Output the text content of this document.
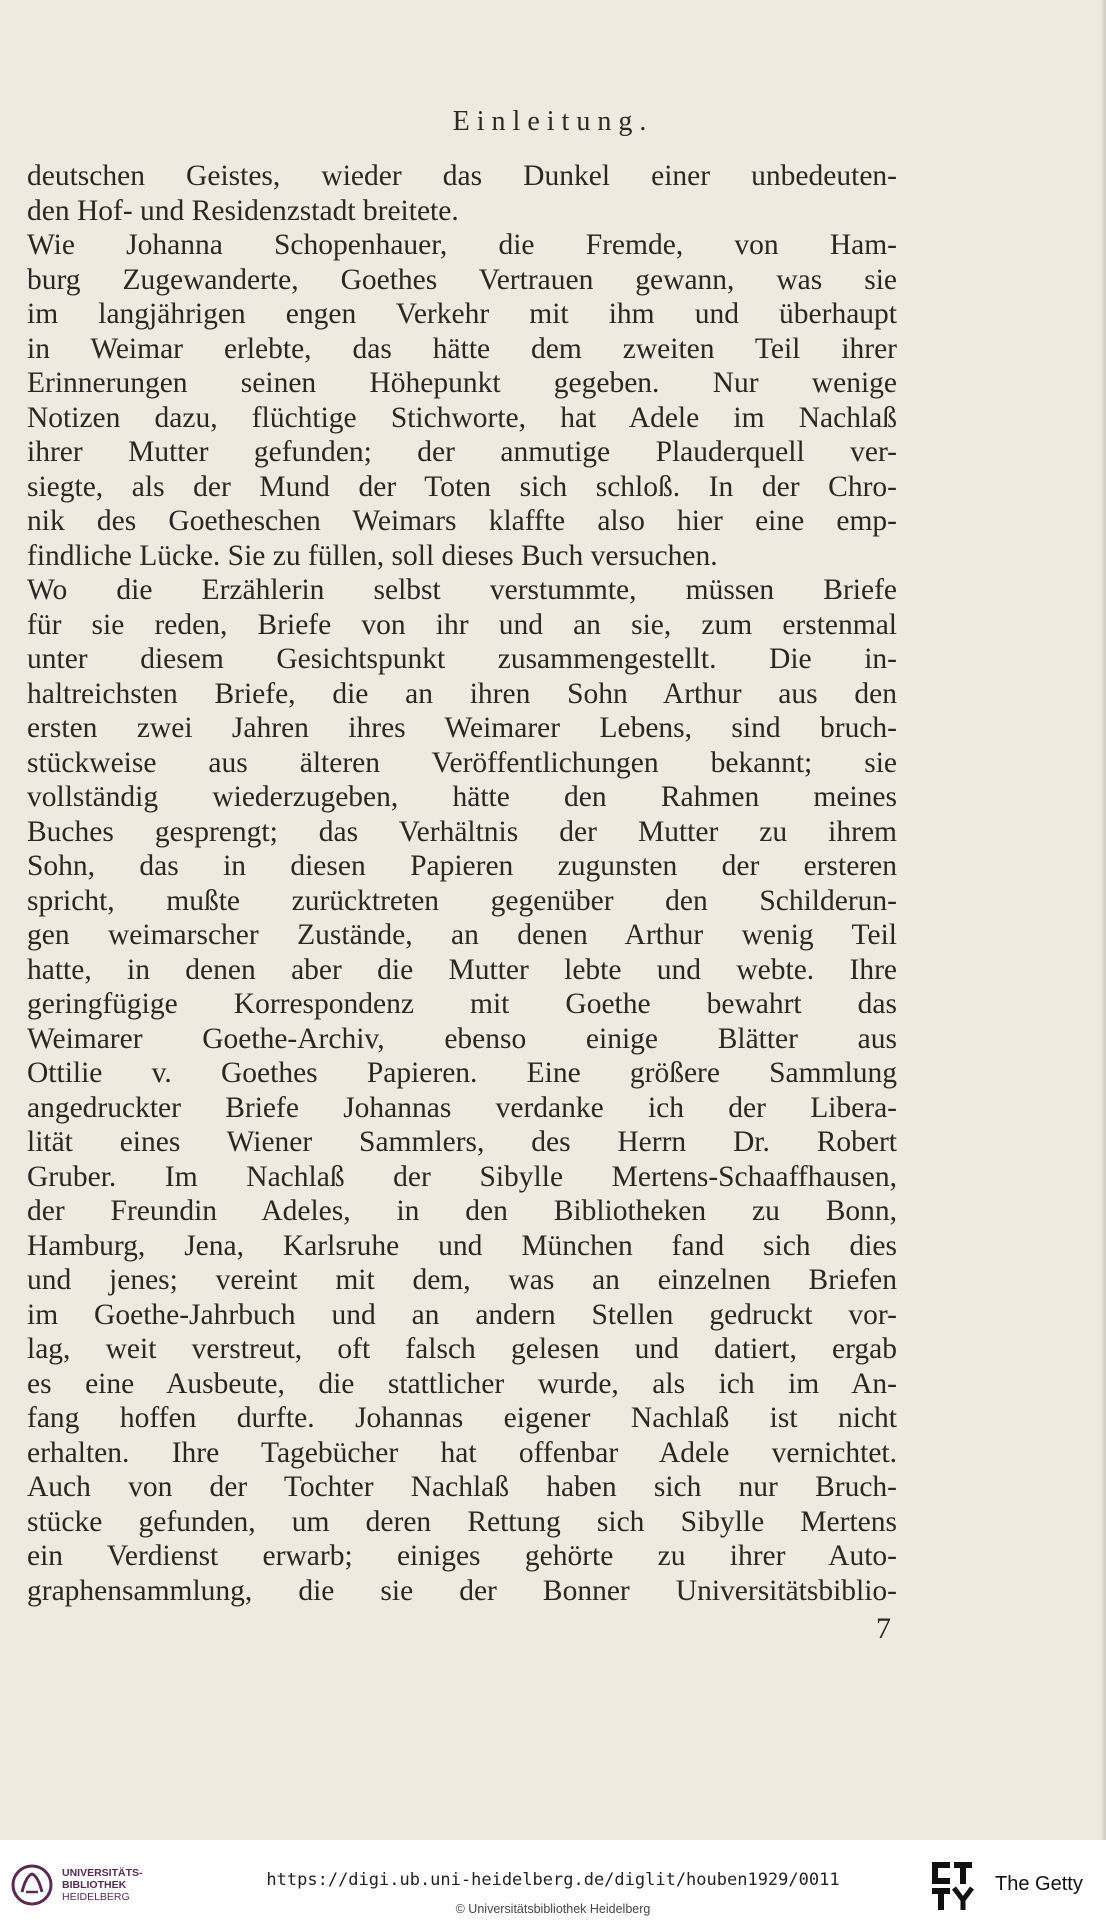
Einleitung.
deutschen Geistes, wieder das Dunkel einer unbedeuten-
den Hof- und Residenzstadt breitete.
Wie Johanna Schopenhauer, die Fremde, von Ham-
burg Zugewanderte, Goethes Vertrauen gewann, was sie
im langjährigen engen Verkehr mit ihm und überhaupt
in Weimar erlebte, das hätte dem zweiten Teil ihrer
Erinnerungen seinen Höhepunkt gegeben. Nur wenige
Notizen dazu, flüchtige Stichworte, hat Adele im Nachlaß
ihrer Mutter gefunden; der anmutige Plauderquell ver-
siegte, als der Mund der Toten sich schloß. In der Chro-
nik des Goetheschen Weimars klaffte also hier eine emp-
findliche Lücke. Sie zu füllen, soll dieses Buch versuchen.
Wo die Erzählerin selbst verstummte, müssen Briefe
für sie reden, Briefe von ihr und an sie, zum erstenmal
unter diesem Gesichtspunkt zusammengestellt. Die in-
haltreichsten Briefe, die an ihren Sohn Arthur aus den
ersten zwei Jahren ihres Weimarer Lebens, sind bruch-
stückweise aus älteren Veröffentlichungen bekannt; sie
vollständig wiederzugeben, hätte den Rahmen meines
Buches gesprengt; das Verhältnis der Mutter zu ihrem
Sohn, das in diesen Papieren zugunsten der ersteren
spricht, mußte zurücktreten gegenüber den Schilderun-
gen weimarscher Zustände, an denen Arthur wenig Teil
hatte, in denen aber die Mutter lebte und webte. Ihre
geringfügige Korrespondenz mit Goethe bewahrt das
Weimarer Goethe-Archiv, ebenso einige Blätter aus
Ottilie v. Goethes Papieren. Eine größere Sammlung
angedruckter Briefe Johannas verdanke ich der Libera-
lität eines Wiener Sammlers, des Herrn Dr. Robert
Gruber. Im Nachlaß der Sibylle Mertens-Schaaffhausen,
der Freundin Adeles, in den Bibliotheken zu Bonn,
Hamburg, Jena, Karlsruhe und München fand sich dies
und jenes; vereint mit dem, was an einzelnen Briefen
im Goethe-Jahrbuch und an andern Stellen gedruckt vor-
lag, weit verstreut, oft falsch gelesen und datiert, ergab
es eine Ausbeute, die stattlicher wurde, als ich im An-
fang hoffen durfte. Johannas eigener Nachlaß ist nicht
erhalten. Ihre Tagebücher hat offenbar Adele vernichtet.
Auch von der Tochter Nachlaß haben sich nur Bruch-
stücke gefunden, um deren Rettung sich Sibylle Mertens
ein Verdienst erwarb; einiges gehörte zu ihrer Auto-
graphensammlung, die sie der Bonner Universitätsbiblio-
7
UNIVERSITÄTS-
BIBLIOTHEK
HEIDELBERG
https://digi.ub.uni-heidelberg.de/diglit/houben1929/0011
© Universitätsbibliothek Heidelberg
The Getty
